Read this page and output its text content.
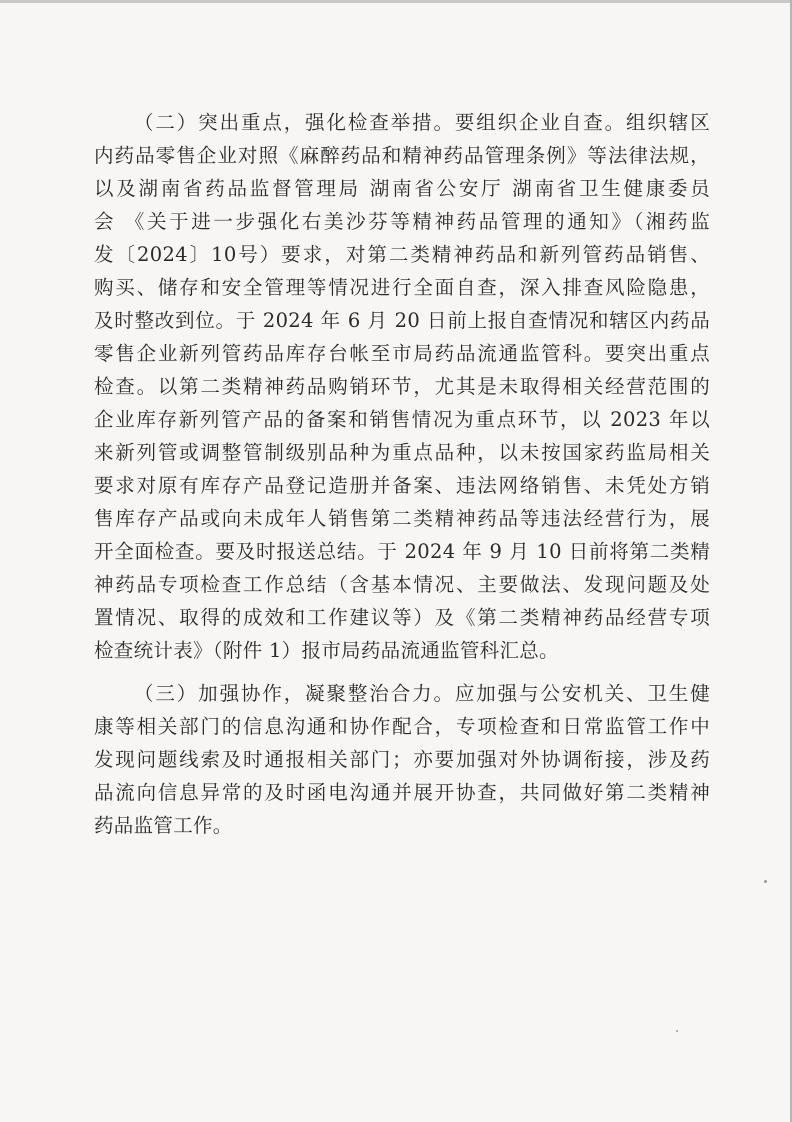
（二）突出重点，强化检查举措。要组织企业自查。组织辖区
内药品零售企业对照《麻醉药品和精神药品管理条例》等法律法规，
以及湖南省药品监督管理局 湖南省公安厅 湖南省卫生健康委员
会 《关于进一步强化右美沙芬等精神药品管理的通知》（湘药监
发〔2024〕10号）要求，对第二类精神药品和新列管药品销售、
购买、储存和安全管理等情况进行全面自查，深入排查风险隐患，
及时整改到位。于 2024 年 6 月 20 日前上报自查情况和辖区内药品
零售企业新列管药品库存台帐至市局药品流通监管科。要突出重点
检查。以第二类精神药品购销环节，尤其是未取得相关经营范围的
企业库存新列管产品的备案和销售情况为重点环节，以 2023 年以
来新列管或调整管制级别品种为重点品种，以未按国家药监局相关
要求对原有库存产品登记造册并备案、违法网络销售、未凭处方销
售库存产品或向未成年人销售第二类精神药品等违法经营行为，展
开全面检查。要及时报送总结。于 2024 年 9 月 10 日前将第二类精
神药品专项检查工作总结（含基本情况、主要做法、发现问题及处
置情况、取得的成效和工作建议等）及《第二类精神药品经营专项
检查统计表》（附件 1）报市局药品流通监管科汇总。
（三）加强协作，凝聚整治合力。应加强与公安机关、卫生健
康等相关部门的信息沟通和协作配合，专项检查和日常监管工作中
发现问题线索及时通报相关部门；亦要加强对外协调衔接，涉及药
品流向信息异常的及时函电沟通并展开协查，共同做好第二类精神
药品监管工作。
